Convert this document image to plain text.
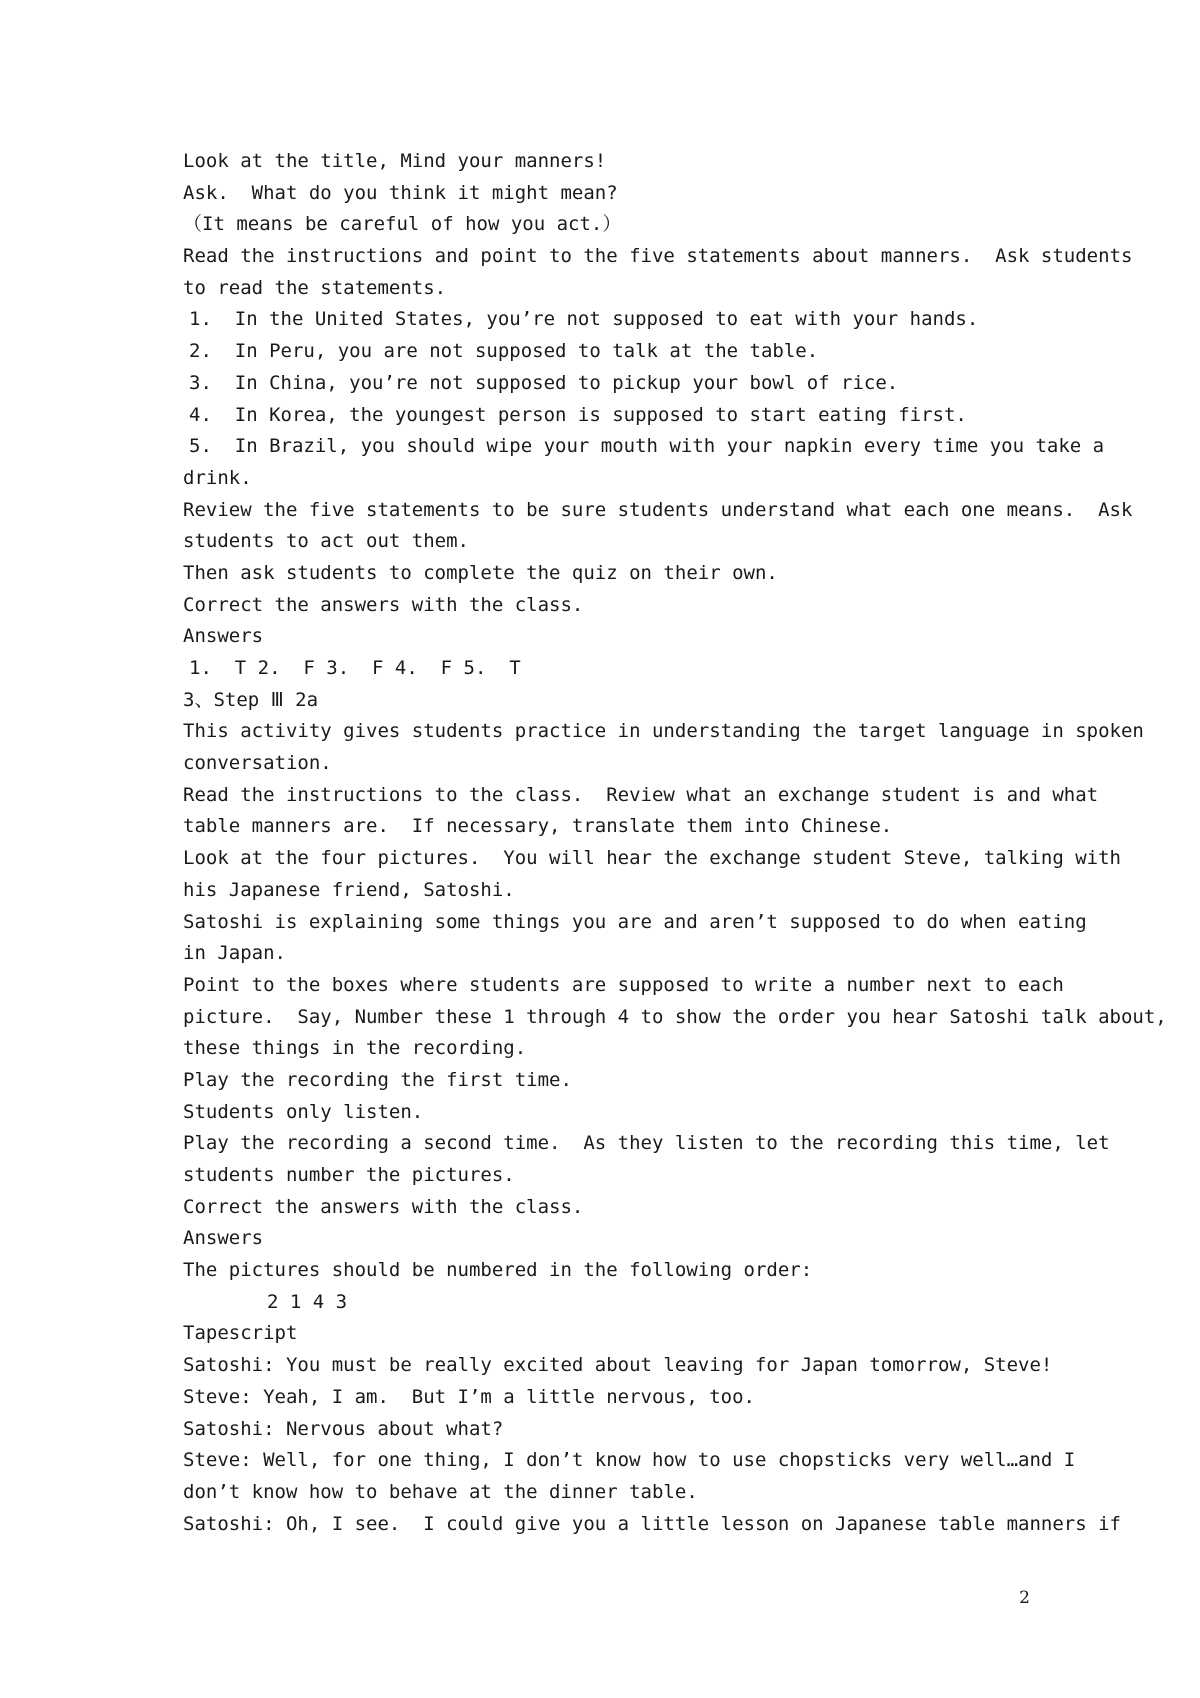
Look at the title, Mind your manners!
Ask.  What do you think it might mean?
（It means be careful of how you act.）
Read the instructions and point to the five statements about manners.  Ask students
to read the statements.
1.  In the United States, you’re not supposed to eat with your hands.
2.  In Peru, you are not supposed to talk at the table.
3.  In China, you’re not supposed to pickup your bowl of rice.
4.  In Korea, the youngest person is supposed to start eating first.
5.  In Brazil, you should wipe your mouth with your napkin every time you take a
drink.
Review the five statements to be sure students understand what each one means.  Ask
students to act out them.
Then ask students to complete the quiz on their own.
Correct the answers with the class.
Answers
1.  T 2.  F 3.  F 4.  F 5.  T
3、Step Ⅲ 2a
This activity gives students practice in understanding the target language in spoken
conversation.
Read the instructions to the class.  Review what an exchange student is and what
table manners are.  If necessary, translate them into Chinese.
Look at the four pictures.  You will hear the exchange student Steve, talking with
his Japanese friend, Satoshi.
Satoshi is explaining some things you are and aren’t supposed to do when eating
in Japan.
Point to the boxes where students are supposed to write a number next to each
picture.  Say, Number these 1 through 4 to show the order you hear Satoshi talk about,
these things in the recording.
Play the recording the first time.
Students only listen.
Play the recording a second time.  As they listen to the recording this time, let
students number the pictures.
Correct the answers with the class.
Answers
The pictures should be numbered in the following order:
2 1 4 3
Tapescript
Satoshi: You must be really excited about leaving for Japan tomorrow, Steve!
Steve: Yeah, I am.  But I’m a little nervous, too.
Satoshi: Nervous about what?
Steve: Well, for one thing, I don’t know how to use chopsticks very well…and I
don’t know how to behave at the dinner table.
Satoshi: Oh, I see.  I could give you a little lesson on Japanese table manners if
2
